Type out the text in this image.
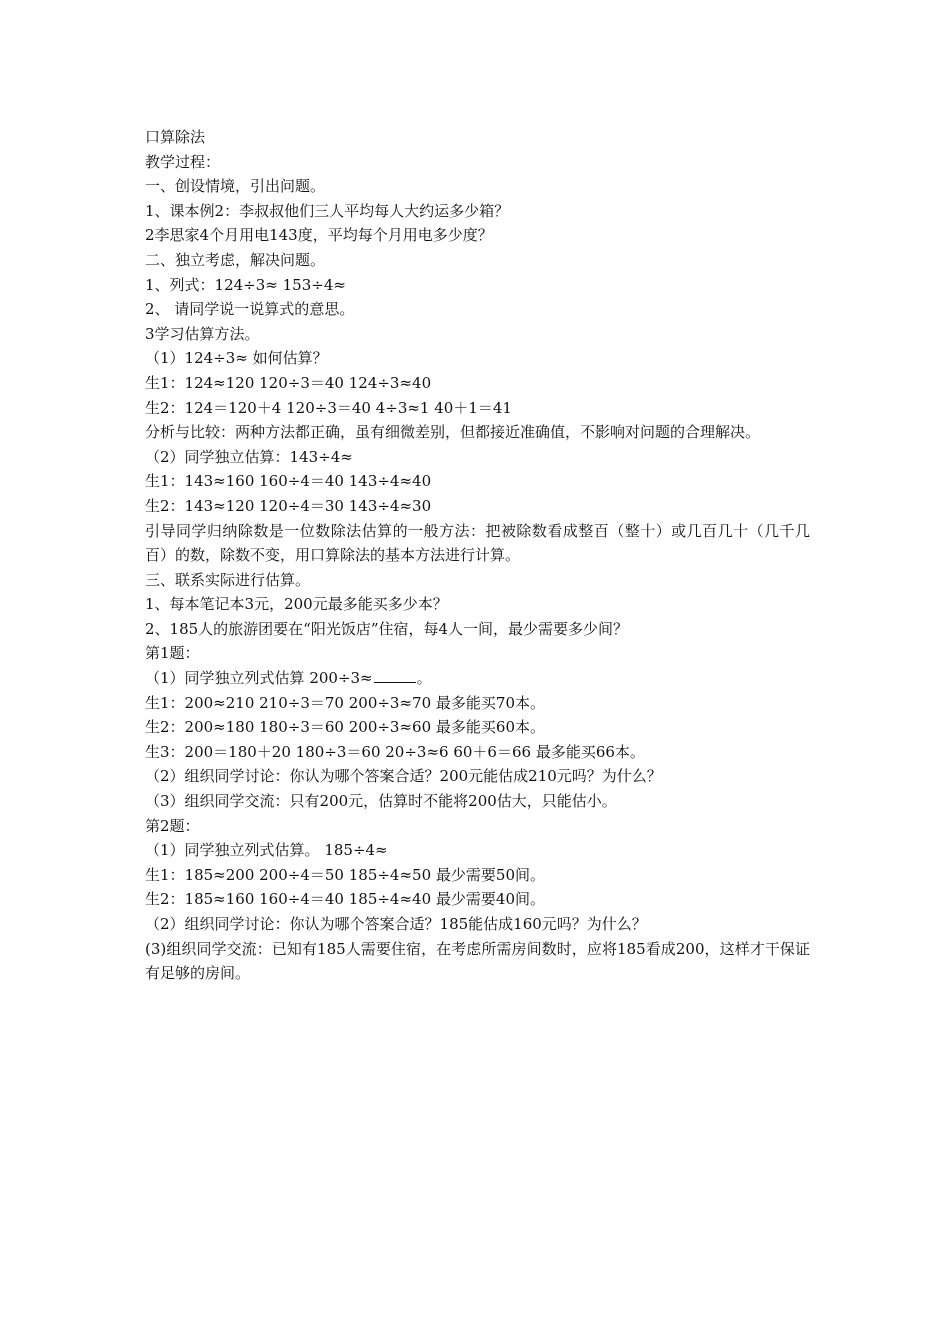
口算除法
教学过程：
一、创设情境，引出问题。
1、课本例2：李叔叔他们三人平均每人大约运多少箱？
2李思家4个月用电143度，平均每个月用电多少度？
二、独立考虑，解决问题。
1、列式：124÷3≈ 153÷4≈
2、 请同学说一说算式的意思。
3学习估算方法。
（1）124÷3≈ 如何估算？
生1：124≈120 120÷3＝40 124÷3≈40
生2：124＝120＋4 120÷3＝40 4÷3≈1 40＋1＝41
分析与比较：两种方法都正确，虽有细微差别，但都接近准确值，不影响对问题的合理解决。
（2）同学独立估算：143÷4≈
生1：143≈160 160÷4＝40 143÷4≈40
生2：143≈120 120÷4＝30 143÷4≈30
引导同学归纳除数是一位数除法估算的一般方法：把被除数看成整百（整十）或几百几十（几千几百）的数，除数不变，用口算除法的基本方法进行计算。
三、联系实际进行估算。
1、每本笔记本3元，200元最多能买多少本？
2、185人的旅游团要在“阳光饭店”住宿，每4人一间，最少需要多少间？
第1题：
（1）同学独立列式估算 200÷3≈	。
生1：200≈210 210÷3＝70 200÷3≈70 最多能买70本。
生2：200≈180 180÷3＝60 200÷3≈60 最多能买60本。
生3：200＝180＋20 180÷3＝60 20÷3≈6 60＋6＝66 最多能买66本。
（2）组织同学讨论：你认为哪个答案合适？200元能估成210元吗？为什么？
（3）组织同学交流：只有200元，估算时不能将200估大，只能估小。
第2题：
（1）同学独立列式估算。 185÷4≈
生1：185≈200 200÷4＝50 185÷4≈50 最少需要50间。
生2：185≈160 160÷4＝40 185÷4≈40 最少需要40间。
（2）组织同学讨论：你认为哪个答案合适？185能估成160元吗？为什么？
(3)组织同学交流：已知有185人需要住宿，在考虑所需房间数时，应将185看成200，这样才干保证有足够的房间。
